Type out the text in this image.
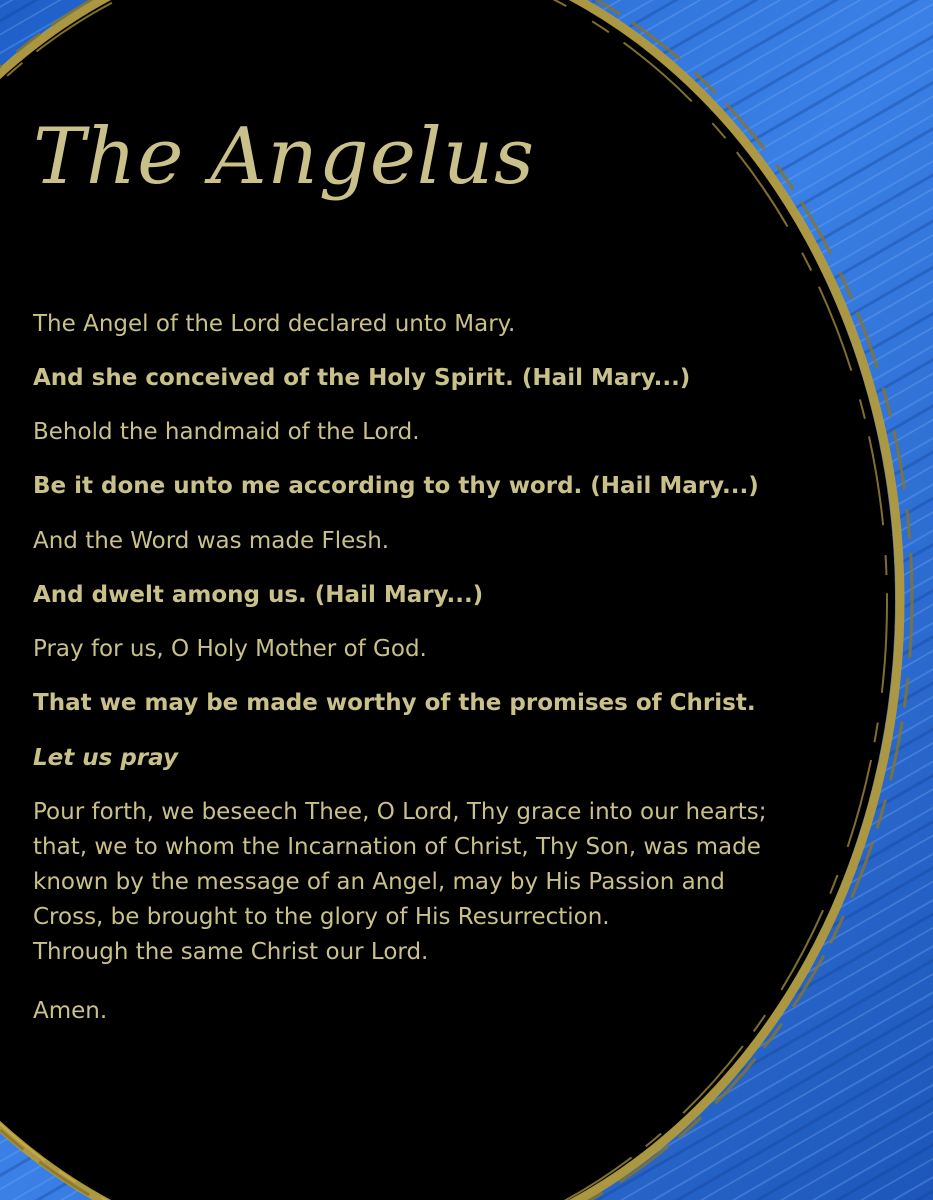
The Angelus

The Angel of the Lord declared unto Mary.

And she conceived of the Holy Spirit. (Hail Mary...)

Behold the handmaid of the Lord.

Be it done unto me according to thy word. (Hail Mary...)

And the Word was made Flesh.

And dwelt among us. (Hail Mary...)

Pray for us, O Holy Mother of God.

That we may be made worthy of the promises of Christ.

Let us pray

Pour forth, we beseech Thee, O Lord, Thy grace into our hearts;

that, we to whom the Incarnation of Christ, Thy Son, was made

known by the message of an Angel, may by His Passion and

Cross, be brought to the glory of His Resurrection.

Through the same Christ our Lord.

Amen.
